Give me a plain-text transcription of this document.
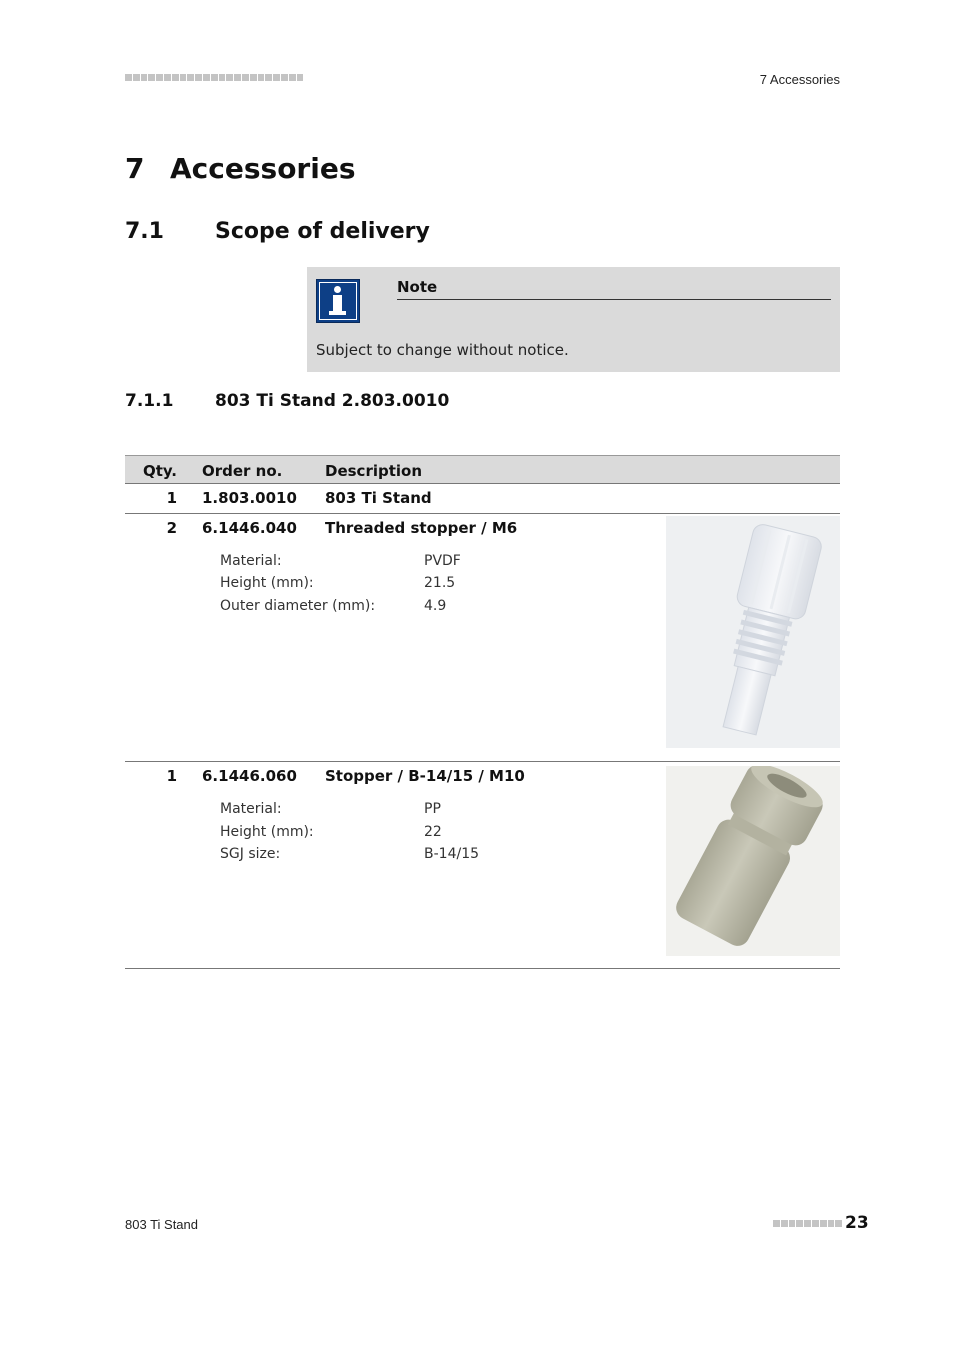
7 Accessories
7 Accessories
7.1 Scope of delivery
Note
Subject to change without notice.
7.1.1 803 Ti Stand 2.803.0010
Qty. Order no.	Description
1 1.803.0010 803 Ti Stand
2 6.1446.040 Threaded stopper / M6
Material:	PVDF
Height (mm):	21.5
Outer diameter (mm):	4.9
1 6.1446.060 Stopper / B-14/15 / M10
Material:	PP
Height (mm):	22
SGJ size:	B-14/15
803 Ti Stand	23
